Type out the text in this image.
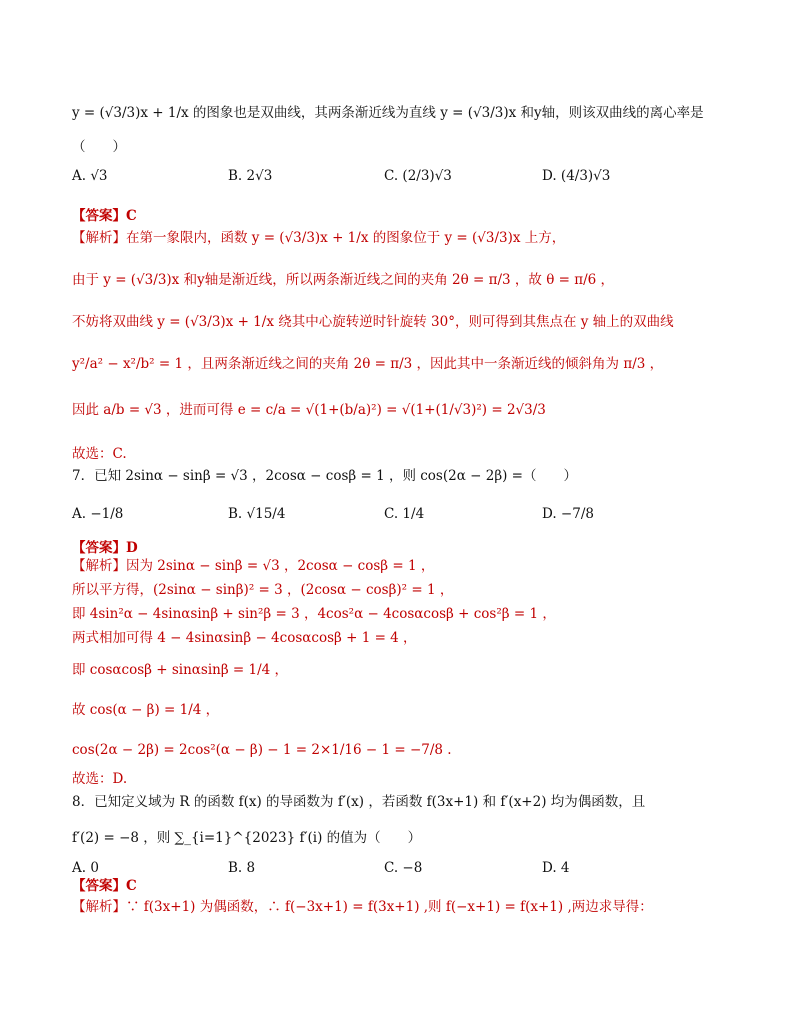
y = (√3/3)x + 1/x 的图象也是双曲线，其两条渐近线为直线 y = (√3/3)x 和y轴，则该双曲线的离心率是
（　　）
A. √3	B. 2√3	C. (2/3)√3	D. (4/3)√3
【答案】C
【解析】在第一象限内，函数 y = (√3/3)x + 1/x 的图象位于 y = (√3/3)x 上方，
由于 y = (√3/3)x 和y轴是渐近线，所以两条渐近线之间的夹角 2θ = π/3 ，故 θ = π/6 ，
不妨将双曲线 y = (√3/3)x + 1/x 绕其中心旋转逆时针旋转 30°，则可得到其焦点在 y 轴上的双曲线
y²/a² − x²/b² = 1 ，且两条渐近线之间的夹角 2θ = π/3 ，因此其中一条渐近线的倾斜角为 π/3 ，
因此 a/b = √3 ，进而可得 e = c/a = √(1+(b/a)²) = √(1+(1/√3)²) = 2√3/3
故选：C.
7．已知 2sinα − sinβ = √3 ，2cosα − cosβ = 1 ，则 cos(2α − 2β) =（　　）
A. −1/8	B. √15/4	C. 1/4	D. −7/8
【答案】D
【解析】因为 2sinα − sinβ = √3 ，2cosα − cosβ = 1 ，
所以平方得，(2sinα − sinβ)² = 3 ，(2cosα − cosβ)² = 1 ，
即 4sin²α − 4sinαsinβ + sin²β = 3 ，4cos²α − 4cosαcosβ + cos²β = 1 ，
两式相加可得 4 − 4sinαsinβ − 4cosαcosβ + 1 = 4 ，
即 cosαcosβ + sinαsinβ = 1/4 ，
故 cos(α − β) = 1/4 ，
cos(2α − 2β) = 2cos²(α − β) − 1 = 2×1/16 − 1 = −7/8 .
故选：D.
8．已知定义域为 R 的函数 f(x) 的导函数为 f′(x) ，若函数 f(3x+1) 和 f′(x+2) 均为偶函数，且
f′(2) = −8 ，则 ∑_{i=1}^{2023} f′(i) 的值为（　　）
A. 0	B. 8	C. −8	D. 4
【答案】C
【解析】∵ f(3x+1) 为偶函数，∴ f(−3x+1) = f(3x+1) ,则 f(−x+1) = f(x+1) ,两边求导得：
